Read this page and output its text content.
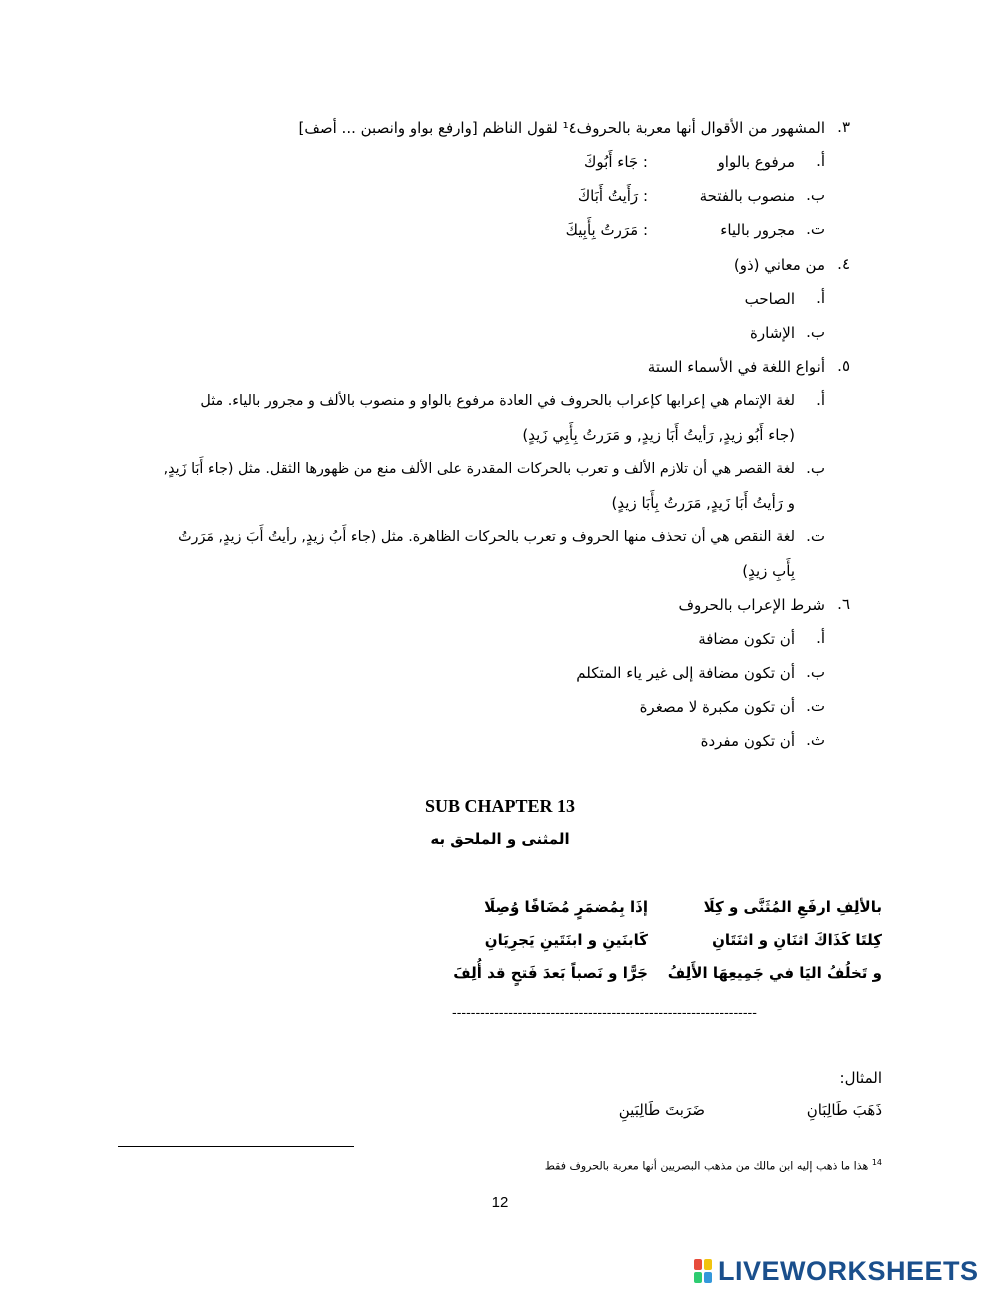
٣.
المشهور من الأقوال أنها معربة بالحروف¹٤ لقول الناظم [وارفع بواو وانصبن ... أصف]
أ.
مرفوع بالواو
: جَاء أَبُوكَ
ب.
منصوب بالفتحة
: رَأَيتُ أَبَاكَ
ت.
مجرور بالياء
: مَرَرتُ بِأَبِيكَ
٤.
من معاني (ذو)
أ.
الصاحب
ب.
الإشارة
٥.
أنواع اللغة في الأسماء الستة
أ.
لغة الإتمام هي إعرابها كإعراب بالحروف في العادة مرفوع بالواو و منصوب بالألف و مجرور بالياء. مثل
(جاء أَبُو زيدٍ, رَأيتُ أَبَا زيدٍ, و مَرَرتُ بِأَبِي زَيدٍ)
ب.
لغة القصر هي أن تلازم الألف و تعرب بالحركات المقدرة على الألف منع من ظهورها الثقل. مثل (جاء أَبَا زَيدٍ,
و رَأيتُ أَبَا زَيدٍ, مَرَرتُ بِأَبَا زيدٍ)
ت.
لغة النقص هي أن تحذف منها الحروف و تعرب بالحركات الظاهرة. مثل (جاء أَبُ زيدٍ, رأيتُ أَبَ زيدٍ, مَرَرتُ
بِأَبِ زيدٍ)
٦.
شرط الإعراب بالحروف
أ.
أن تكون مضافة
ب.
أن تكون مضافة إلى غير ياء المتكلم
ت.
أن تكون مكبرة لا مصغرة
ث.
أن تكون مفردة
SUB CHAPTER 13
المثنى و الملحق به
بالألِفِ ارفَعِ المُثَنَّى و كِلَا
إذَا بِمُضمَرٍ مُضَافًا وُصِلَا
كِلتَا كَذَاكَ اثنَانِ و اثنَتَانِ
كَابنَينِ و ابنَتَينِ يَجرِيَانِ
و تَخلُفُ اليَا في جَمِيعِهَا الأَلِفُ
جَرًّا و نَصباً بَعدَ فَتحٍ قد أُلِفَ
-----------------------------------------------------------------
المثال:
ذَهَبَ طَالِبَانِ
ضَرَبتَ طَالِبَينِ
$^{14}$ هذا ما ذهب إليه ابن مالك من مذهب البصريين أنها معربة بالحروف فقط
12
LIVEWORKSHEETS
